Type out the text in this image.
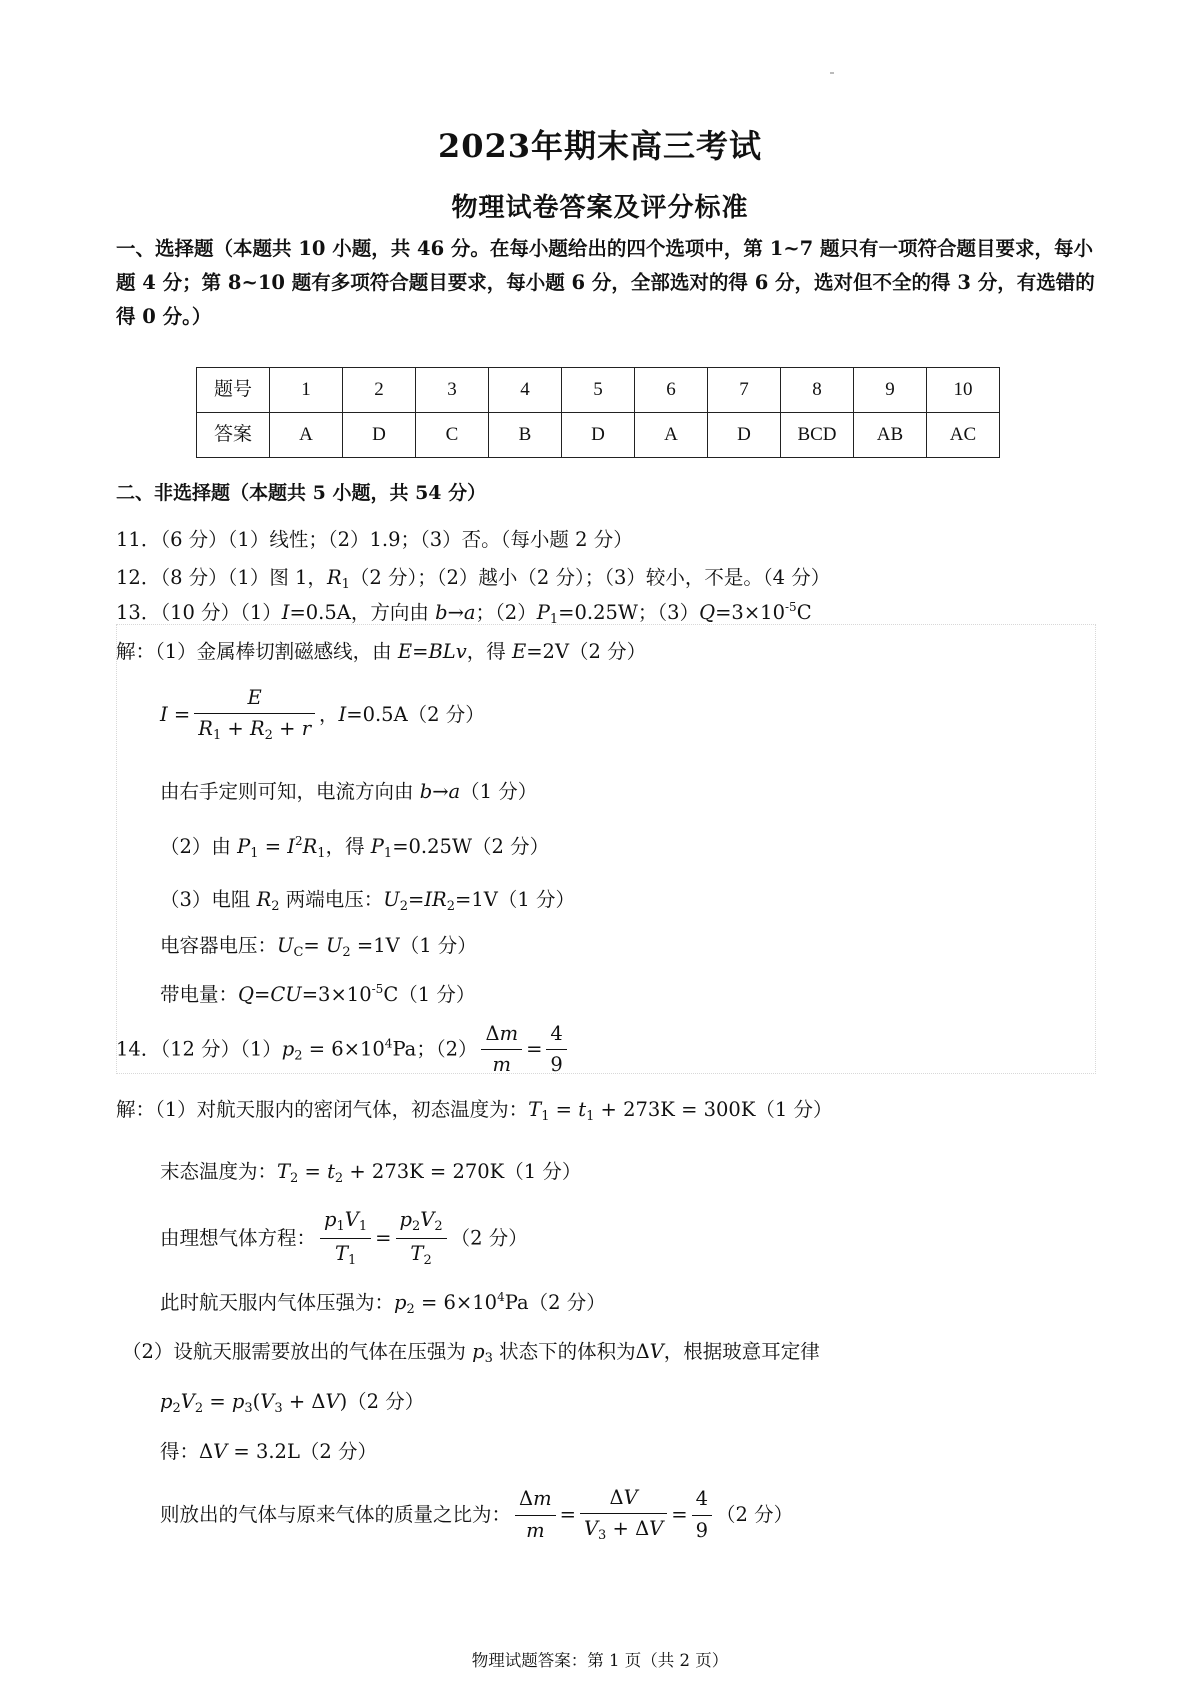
2023年期末高三考试
物理试卷答案及评分标准
一、选择题（本题共 10 小题，共 46 分。在每小题给出的四个选项中，第 1~7 题只有一项符合题目要求，每小题 4 分；第 8~10 题有多项符合题目要求，每小题 6 分，全部选对的得 6 分，选对但不全的得 3 分，有选错的得 0 分。）
题号	1	2	3	4	5	6	7	8	9	10
答案	A	D	C	B	D	A	D	BCD	AB	AC
二、非选择题（本题共 5 小题，共 54 分）
11．（6 分）（1）线性；（2）1.9；（3）否。（每小题 2 分）
12．（8 分）（1）图 1，$R_1(2$ 分）；（2）越小（2 分）；（3）较小，不是。（4 分）
13．（10 分）（1）I=0.5A，方向由 b→a；$(2)P_1=0.25W$；$(3)Q=3\times 10^{-5}C$
解：（1）金属棒切割磁感线，由 E=BLv，得 E=2V（2 分）
$I = \frac{E}{R_1 + R_2 + r}$ ，I=0.5A（2 分）
由右手定则可知，电流方向由 b→a（1 分）
（2）由 $P_1 = I^2R_1$，得 $P_1=0.25W(2$ 分）
（3）电阻 $R_2$ 两端电压：$U_2=IR_2=1V(1$ 分）
电容器电压：$U_C= U_2 =1V(1$ 分）
带电量：$Q=CU=3\times 10^{-5}C(1$ 分）
14．（12 分）$(1)p_2 = 6\times 10^4Pa$；$(2) \frac{\Delta m}{m} = \frac{4}{9}$
解：（1）对航天服内的密闭气体，初态温度为：$T_1 = t_1 + 273K = 300K(1$ 分）
末态温度为：$T_2 = t_2 + 273K = 270K(1$ 分）
由理想气体方程： $\frac{p_1V_1}{T_1} = \frac{p_2V_2}{T_2} (2$ 分）
此时航天服内气体压强为：$p_2 = 6\times 10^4Pa(2$ 分）
（2）设航天服需要放出的气体在压强为 $p_3$ 状态下的体积为ΔV，根据玻意耳定律
$p_2V_2 = p_3(V_3 + \Delta V)(2$ 分）
得：ΔV = 3.2L（2 分）
则放出的气体与原来气体的质量之比为： $\frac{\Delta m}{m} = \frac{\Delta V}{V_3 + \Delta V} = \frac{4}{9} (2$ 分）
物理试题答案：第 1 页（共 2 页）
